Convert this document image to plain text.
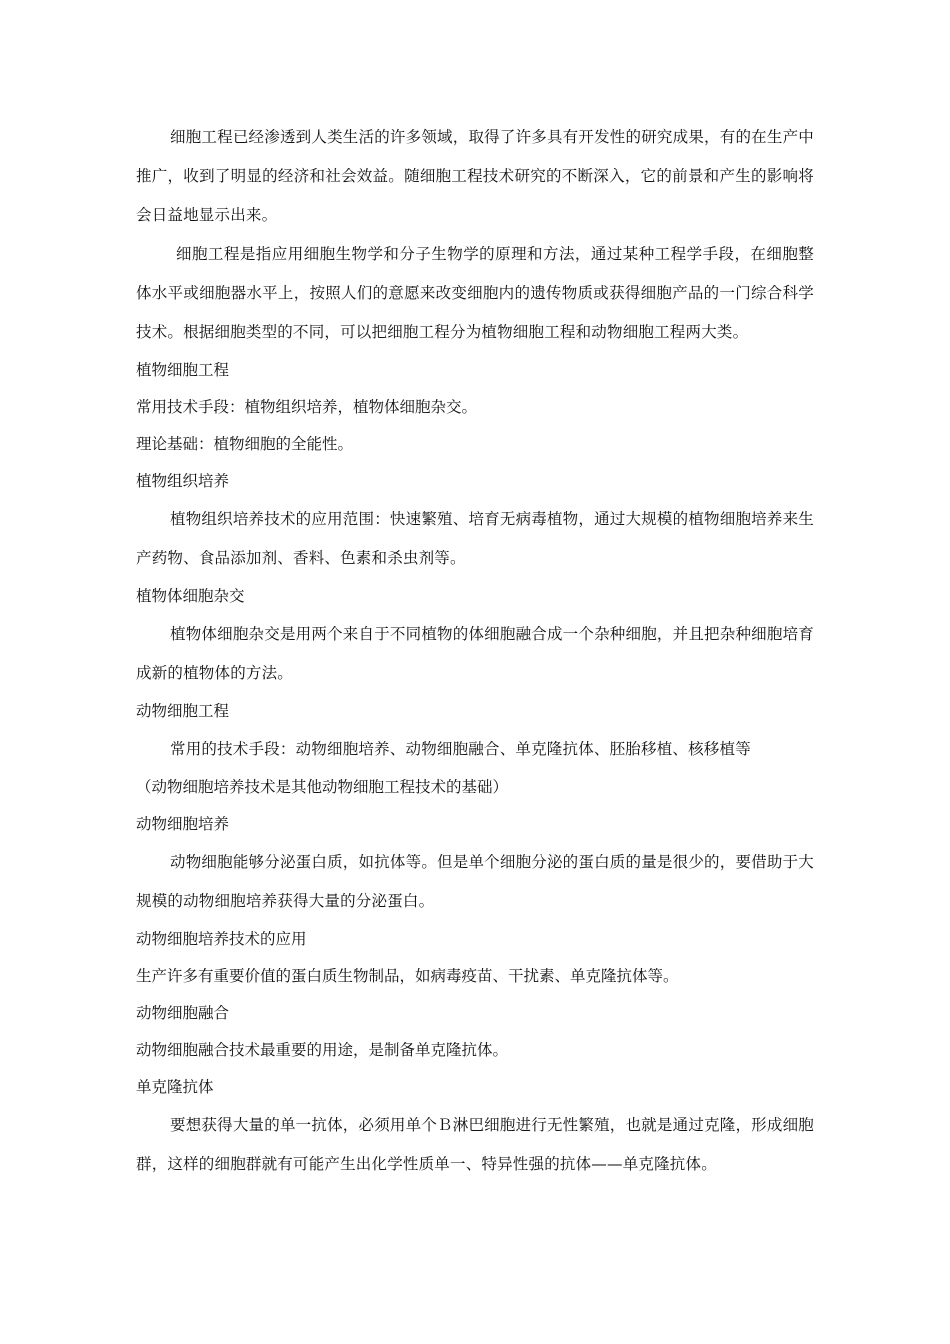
细胞工程已经渗透到人类生活的许多领域，取得了许多具有开发性的研究成果，有的在生产中推广，收到了明显的经济和社会效益。随细胞工程技术研究的不断深入，它的前景和产生的影响将会日益地显示出来。

细胞工程是指应用细胞生物学和分子生物学的原理和方法，通过某种工程学手段，在细胞整体水平或细胞器水平上，按照人们的意愿来改变细胞内的遗传物质或获得细胞产品的一门综合科学技术。根据细胞类型的不同，可以把细胞工程分为植物细胞工程和动物细胞工程两大类。

植物细胞工程

常用技术手段：植物组织培养，植物体细胞杂交。

理论基础：植物细胞的全能性。

植物组织培养

植物组织培养技术的应用范围：快速繁殖、培育无病毒植物，通过大规模的植物细胞培养来生产药物、食品添加剂、香料、色素和杀虫剂等。

植物体细胞杂交

植物体细胞杂交是用两个来自于不同植物的体细胞融合成一个杂种细胞，并且把杂种细胞培育成新的植物体的方法。

动物细胞工程

常用的技术手段：动物细胞培养、动物细胞融合、单克隆抗体、胚胎移植、核移植等

（动物细胞培养技术是其他动物细胞工程技术的基础）

动物细胞培养

动物细胞能够分泌蛋白质，如抗体等。但是单个细胞分泌的蛋白质的量是很少的，要借助于大规模的动物细胞培养获得大量的分泌蛋白。

动物细胞培养技术的应用

生产许多有重要价值的蛋白质生物制品，如病毒疫苗、干扰素、单克隆抗体等。

动物细胞融合

动物细胞融合技术最重要的用途，是制备单克隆抗体。

单克隆抗体

要想获得大量的单一抗体，必须用单个Ｂ淋巴细胞进行无性繁殖，也就是通过克隆，形成细胞群，这样的细胞群就有可能产生出化学性质单一、特异性强的抗体——单克隆抗体。
